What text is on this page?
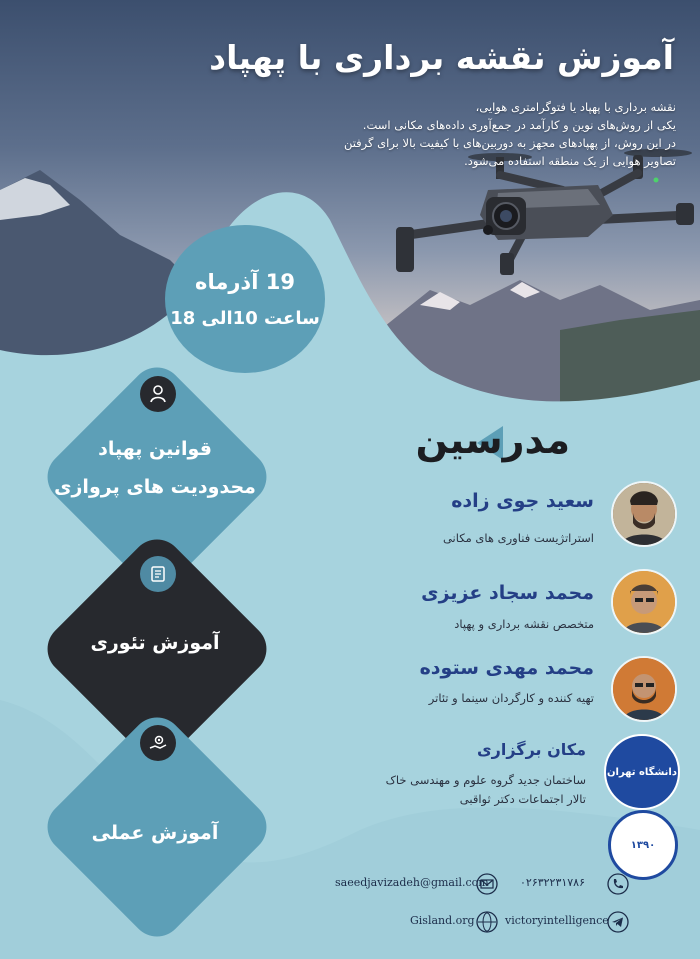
آموزش نقشه برداری با پهپاد

نقشه برداری با پهپاد یا فتوگرامتری هوایی،

یکی از روش‌های نوین و کارآمد در جمع‌آوری داده‌های مکانی است.

در این روش، از پهپادهای مجهز به دوربین‌های با کیفیت بالا برای گرفتن

تصاویر هوایی از یک منطقه استفاده می‌شود.

19 آذرماه
ساعت 10الی 18
قوانین پهپاد
محدودیت های پروازی
آموزش تئوری
آموزش عملی
مدرسین
سعید جوی زاده
استراتژیست فناوری های مکانی
محمد سجاد عزیزی
متخصص نقشه برداری و پهپاد
محمد مهدی ستوده
تهیه کننده و کارگردان سینما و تئاتر
مکان برگزاری
ساختمان جدید گروه علوم و مهندسی خاک
تالار اجتماعات دکتر ثواقبی
دانشگاه تهران
۱۳۹۰
saeedjavizadeh@gmail.com	۰۲۶۳۲۲۳۱۷۸۶
Gisland.org	victoryintelligence
